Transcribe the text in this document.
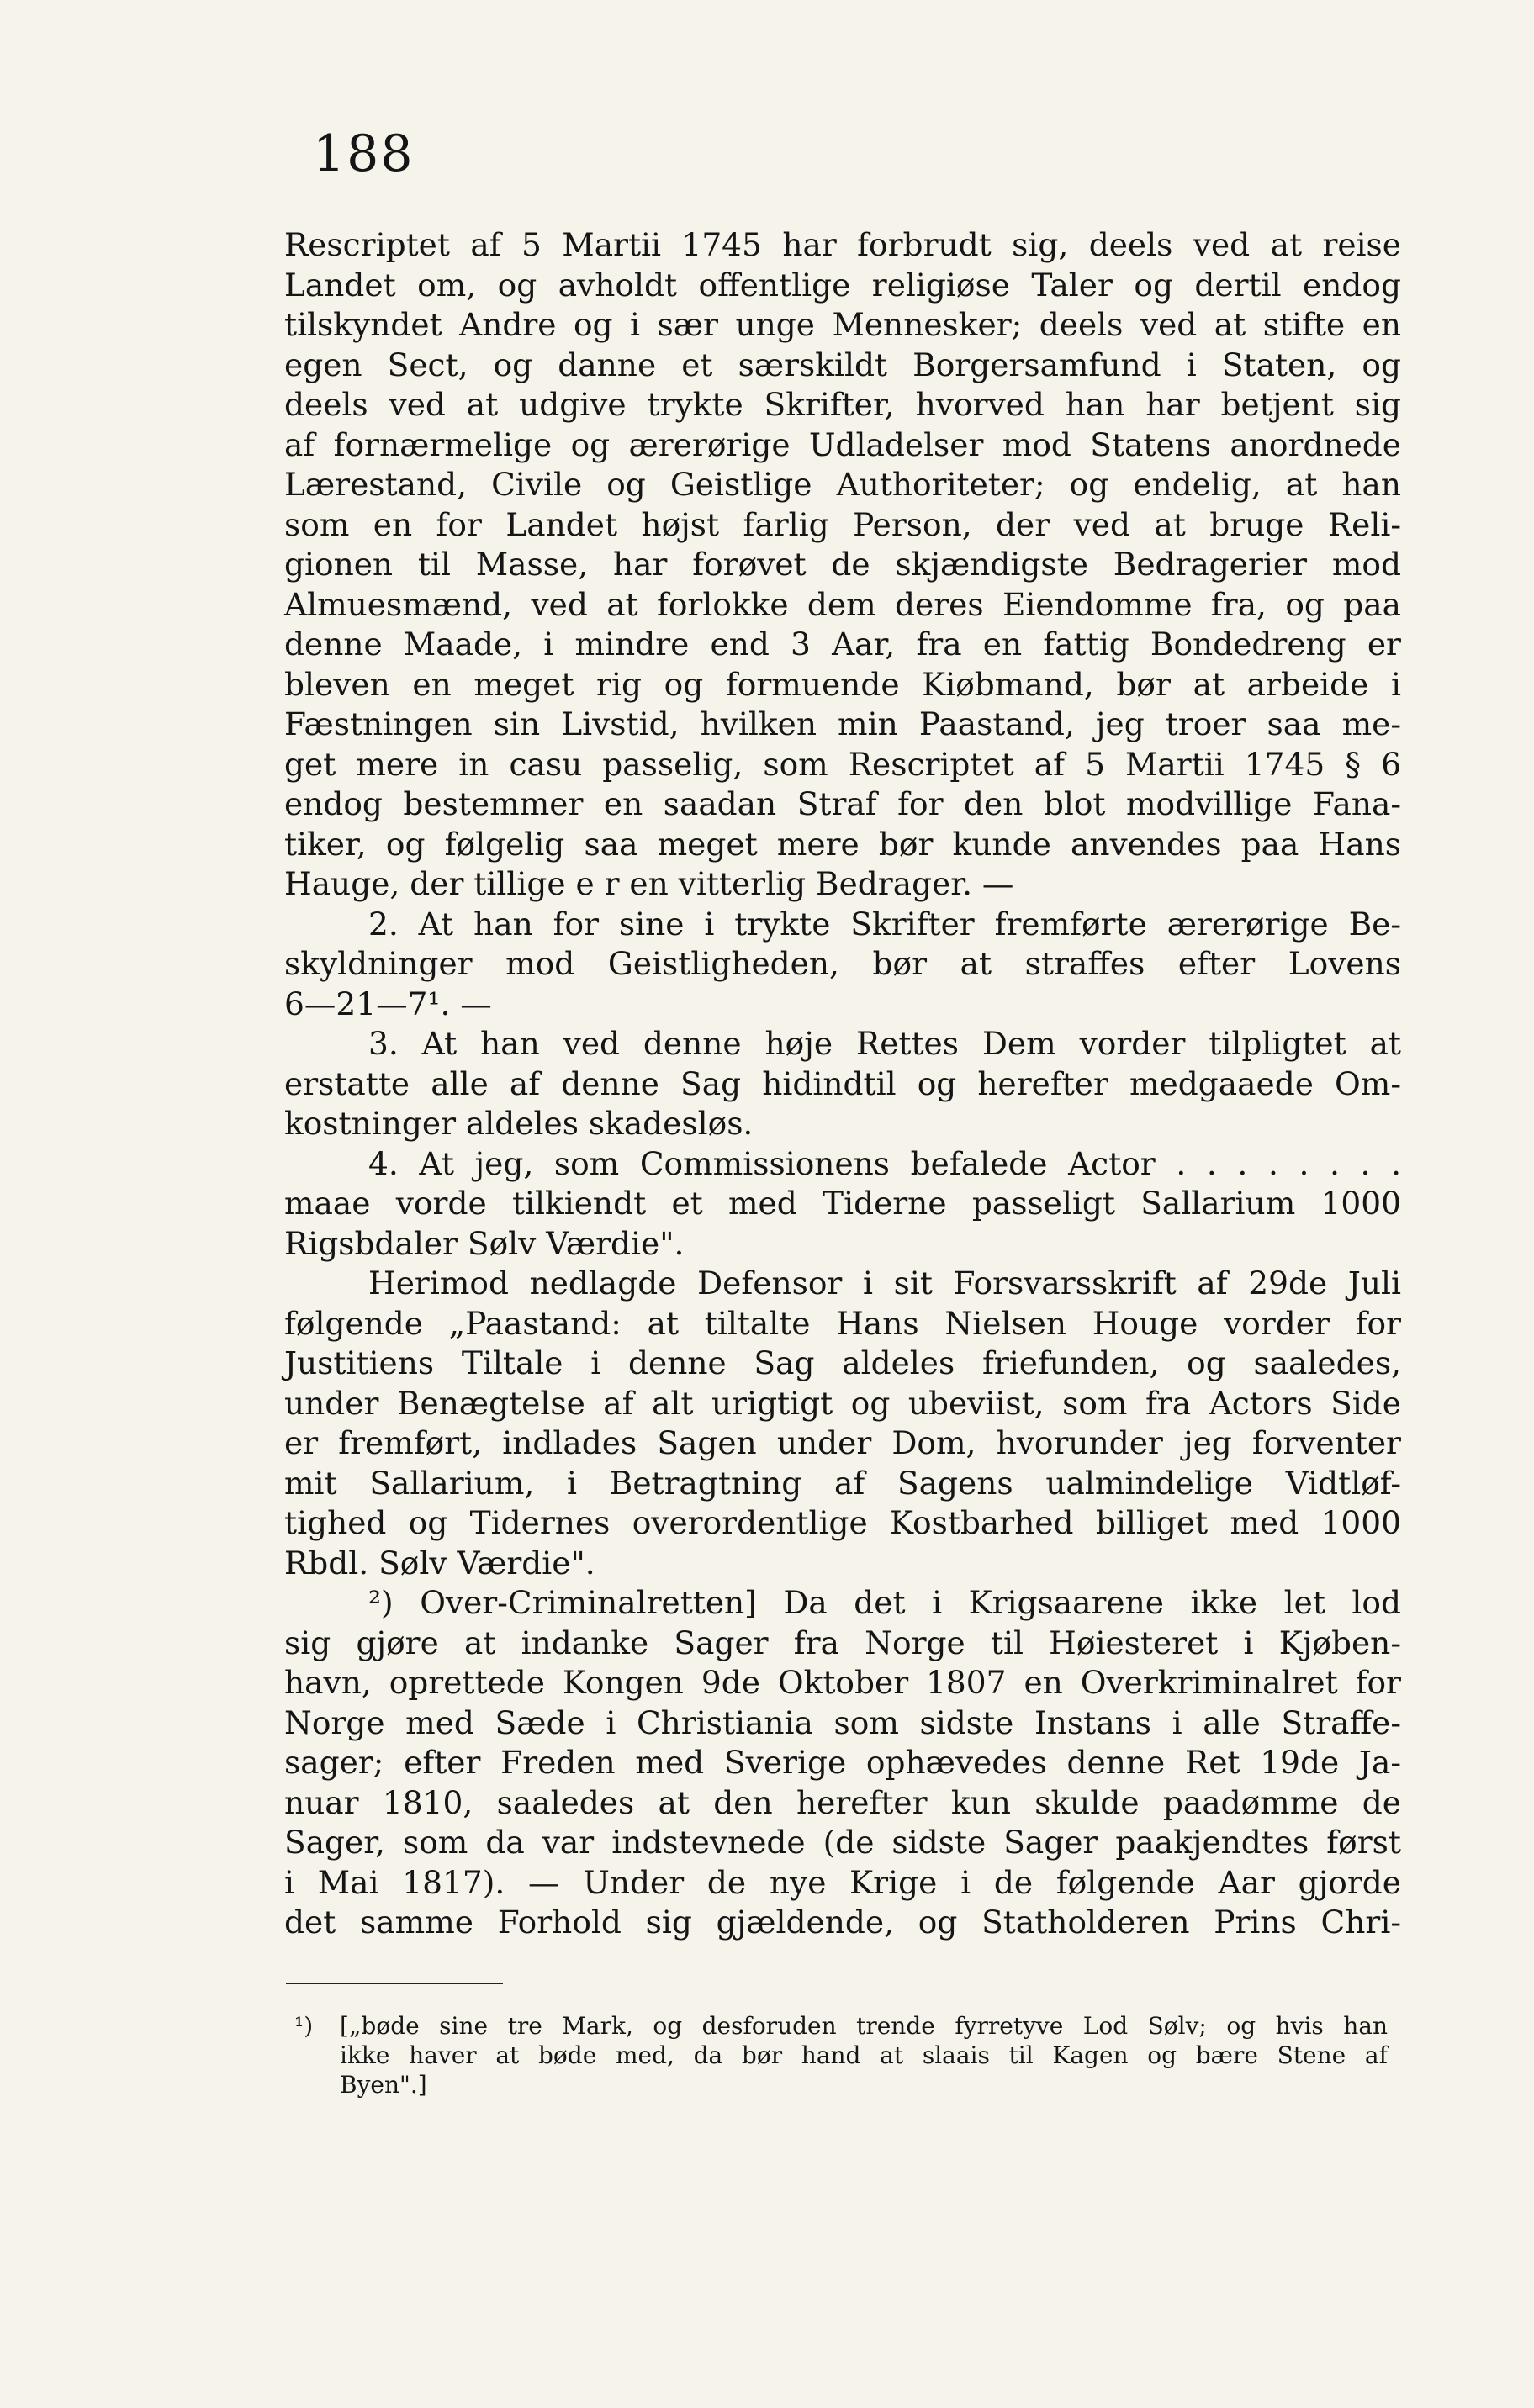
188
Rescriptet af 5 Martii 1745 har forbrudt sig, deels ved at reise
Landet om, og avholdt offentlige religiøse Taler og dertil endog
tilskyndet Andre og i sær unge Mennesker; deels ved at stifte en
egen Sect, og danne et særskildt Borgersamfund i Staten, og
deels ved at udgive trykte Skrifter, hvorved han har betjent sig
af fornærmelige og ærerørige Udladelser mod Statens anordnede
Lærestand, Civile og Geistlige Authoriteter; og endelig, at han
som en for Landet højst farlig Person, der ved at bruge Reli-
gionen til Masse, har forøvet de skjændigste Bedragerier mod
Almuesmænd, ved at forlokke dem deres Eiendomme fra, og paa
denne Maade, i mindre end 3 Aar, fra en fattig Bondedreng er
bleven en meget rig og formuende Kiøbmand, bør at arbeide i
Fæstningen sin Livstid, hvilken min Paastand, jeg troer saa me-
get mere in casu passelig, som Rescriptet af 5 Martii 1745 § 6
endog bestemmer en saadan Straf for den blot modvillige Fana-
tiker, og følgelig saa meget mere bør kunde anvendes paa Hans
Hauge, der tillige e r en vitterlig Bedrager. —
2. At han for sine i trykte Skrifter fremførte ærerørige Be-
skyldninger mod Geistligheden, bør at straffes efter Lovens
6—21—7¹. —
3. At han ved denne høje Rettes Dem vorder tilpligtet at
erstatte alle af denne Sag hidindtil og herefter medgaaede Om-
kostninger aldeles skadesløs.
4. At jeg, som Commissionens befalede Actor . . . . . . . .
maae vorde tilkiendt et med Tiderne passeligt Sallarium 1000
Rigsbdaler Sølv Værdie".
Herimod nedlagde Defensor i sit Forsvarsskrift af 29de Juli
følgende „Paastand: at tiltalte Hans Nielsen Houge vorder for
Justitiens Tiltale i denne Sag aldeles friefunden, og saaledes,
under Benægtelse af alt urigtigt og ubeviist, som fra Actors Side
er fremført, indlades Sagen under Dom, hvorunder jeg forventer
mit Sallarium, i Betragtning af Sagens ualmindelige Vidtløf-
tighed og Tidernes overordentlige Kostbarhed billiget med 1000
Rbdl. Sølv Værdie".
²) Over-Criminalretten] Da det i Krigsaarene ikke let lod
sig gjøre at indanke Sager fra Norge til Høiesteret i Kjøben-
havn, oprettede Kongen 9de Oktober 1807 en Overkriminalret for
Norge med Sæde i Christiania som sidste Instans i alle Straffe-
sager; efter Freden med Sverige ophævedes denne Ret 19de Ja-
nuar 1810, saaledes at den herefter kun skulde paadømme de
Sager, som da var indstevnede (de sidste Sager paakjendtes først
i Mai 1817). — Under de nye Krige i de følgende Aar gjorde
det samme Forhold sig gjældende, og Statholderen Prins Chri-
¹) [„bøde sine tre Mark, og desforuden trende fyrretyve Lod Sølv; og hvis han
ikke haver at bøde med, da bør hand at slaais til Kagen og bære Stene af
Byen".]
